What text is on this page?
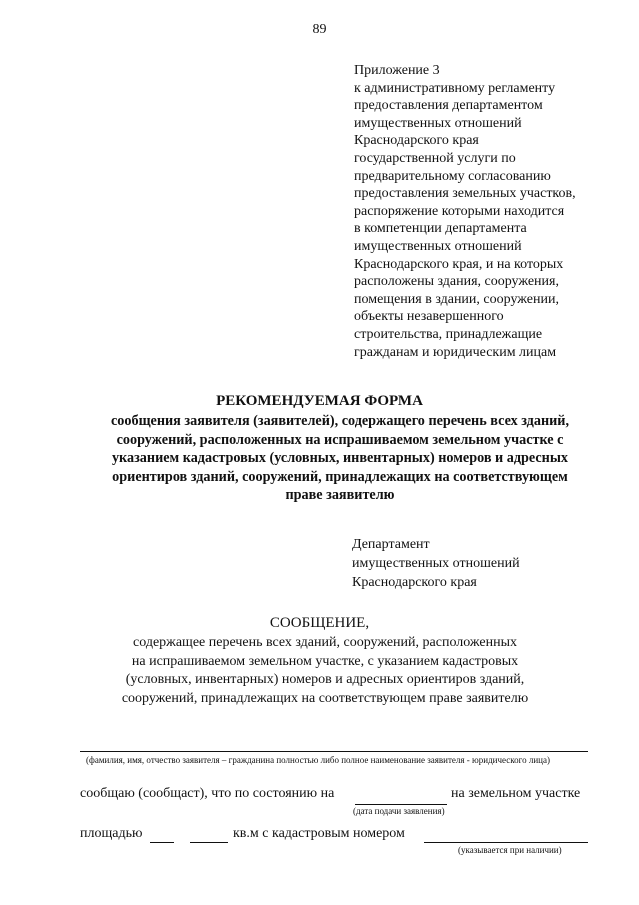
89
Приложение 3
к административному регламенту
предоставления департаментом
имущественных отношений
Краснодарского края
государственной услуги по
предварительному согласованию
предоставления земельных участков,
распоряжение которыми находится
в компетенции департамента
имущественных отношений
Краснодарского края, и на которых
расположены здания, сооружения,
помещения в здании, сооружении,
объекты незавершенного
строительства, принадлежащие
гражданам и юридическим лицам
РЕКОМЕНДУЕМАЯ ФОРМА
сообщения заявителя (заявителей), содержащего перечень всех зданий,
сооружений, расположенных на испрашиваемом земельном участке с
указанием кадастровых (условных, инвентарных) номеров и адресных
ориентиров зданий, сооружений, принадлежащих на соответствующем
праве заявителю
Департамент
имущественных отношений
Краснодарского края
СООБЩЕНИЕ,
содержащее перечень всех зданий, сооружений, расположенных
на испрашиваемом земельном участке, с указанием кадастровых
(условных, инвентарных) номеров и адресных ориентиров зданий,
сооружений, принадлежащих на соответствующем праве заявителю
(фамилия, имя, отчество заявителя – гражданина полностью либо полное наименование заявителя - юридического лица)
сообщаю (сообщаст), что по состоянию на	на земельном участке
(дата подачи заявления)
площадью	кв.м с кадастровым номером
(указывается при наличии)
